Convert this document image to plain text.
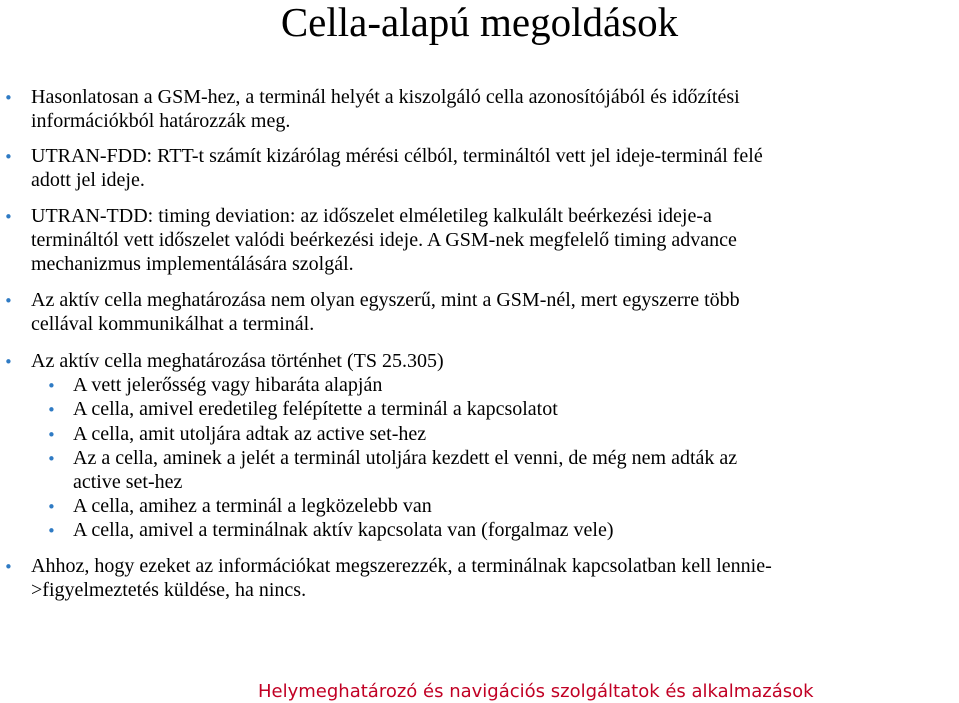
Cella-alapú megoldások
• Hasonlatosan a GSM-hez, a terminál helyét a kiszolgáló cella azonosítójából és időzítési
információkból határozzák meg.
• UTRAN-FDD: RTT-t számít kizárólag mérési célból, termináltól vett jel ideje-terminál felé
adott jel ideje.
• UTRAN-TDD: timing deviation: az időszelet elméletileg kalkulált beérkezési ideje-a
termináltól vett időszelet valódi beérkezési ideje. A GSM-nek megfelelő timing advance
mechanizmus implementálására szolgál.
• Az aktív cella meghatározása nem olyan egyszerű, mint a GSM-nél, mert egyszerre több
cellával kommunikálhat a terminál.
• Az aktív cella meghatározása történhet (TS 25.305)
• A vett jelerősség vagy hibaráta alapján
• A cella, amivel eredetileg felépítette a terminál a kapcsolatot
• A cella, amit utoljára adtak az active set-hez
• Az a cella, aminek a jelét a terminál utoljára kezdett el venni, de még nem adták az
active set-hez
• A cella, amihez a terminál a legközelebb van
• A cella, amivel a terminálnak aktív kapcsolata van (forgalmaz vele)
• Ahhoz, hogy ezeket az információkat megszerezzék, a terminálnak kapcsolatban kell lennie-
>figyelmeztetés küldése, ha nincs.
Helymeghatározó és navigációs szolgáltatok és alkalmazások
